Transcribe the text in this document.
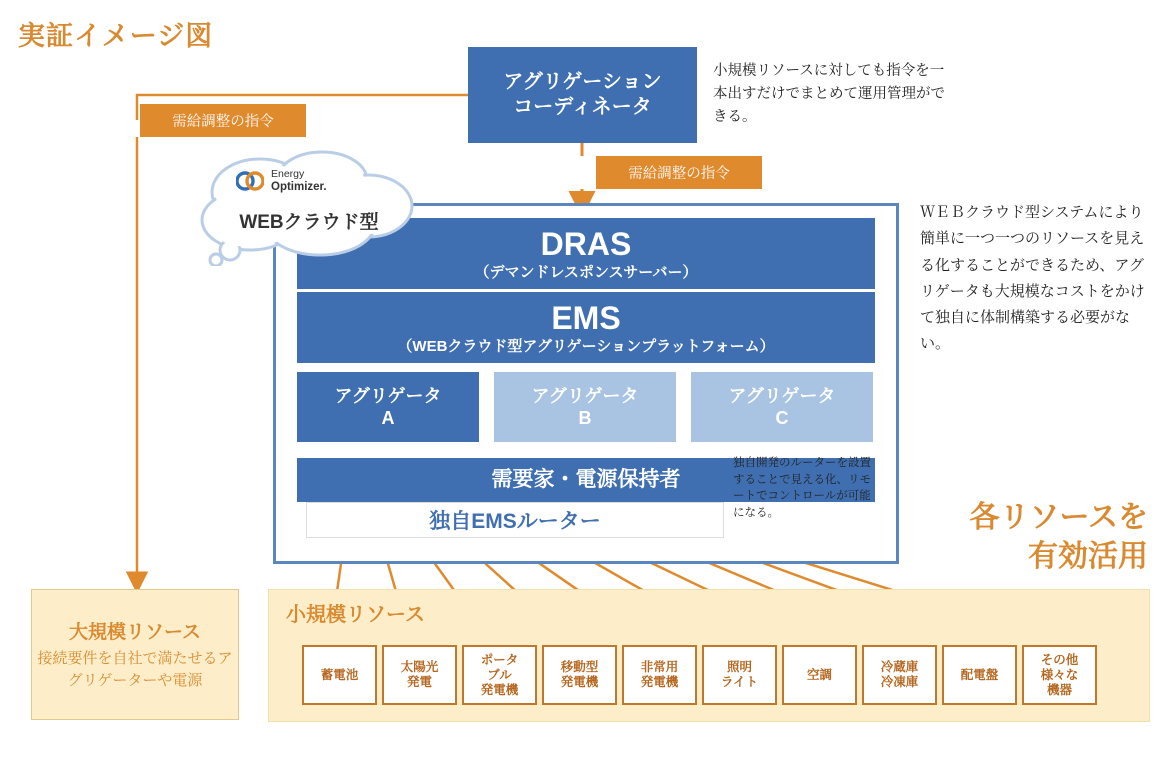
実証イメージ図
アグリゲーション
コーディネータ
小規模リソースに対しても指令を一本出すだけでまとめて運用管理ができる。
ＷＥＢクラウド型システムにより簡単に一つ一つのリソースを見える化することができるため、アグリゲータも大規模なコストをかけて独自に体制構築する必要がない。
需給調整の指令
需給調整の指令
DRAS
（デマンドレスポンスサーバー）
EMS
（WEBクラウド型アグリゲーションプラットフォーム）
アグリゲータ
A
アグリゲータ
B
アグリゲータ
C
需要家・電源保持者
独自EMSルーター
独自開発のルーターを設置することで見える化、リモートでコントロールが可能になる。
Energy
Optimizer.
WEBクラウド型
大規模リソース
接続要件を自社で満たせるアグリゲーターや電源
小規模リソース
蓄電池
太陽光
発電
ポータ
ブル
発電機
移動型
発電機
非常用
発電機
照明
ライト
空調
冷蔵庫
冷凍庫
配電盤
その他
様々な
機器
各リソースを
有効活用
